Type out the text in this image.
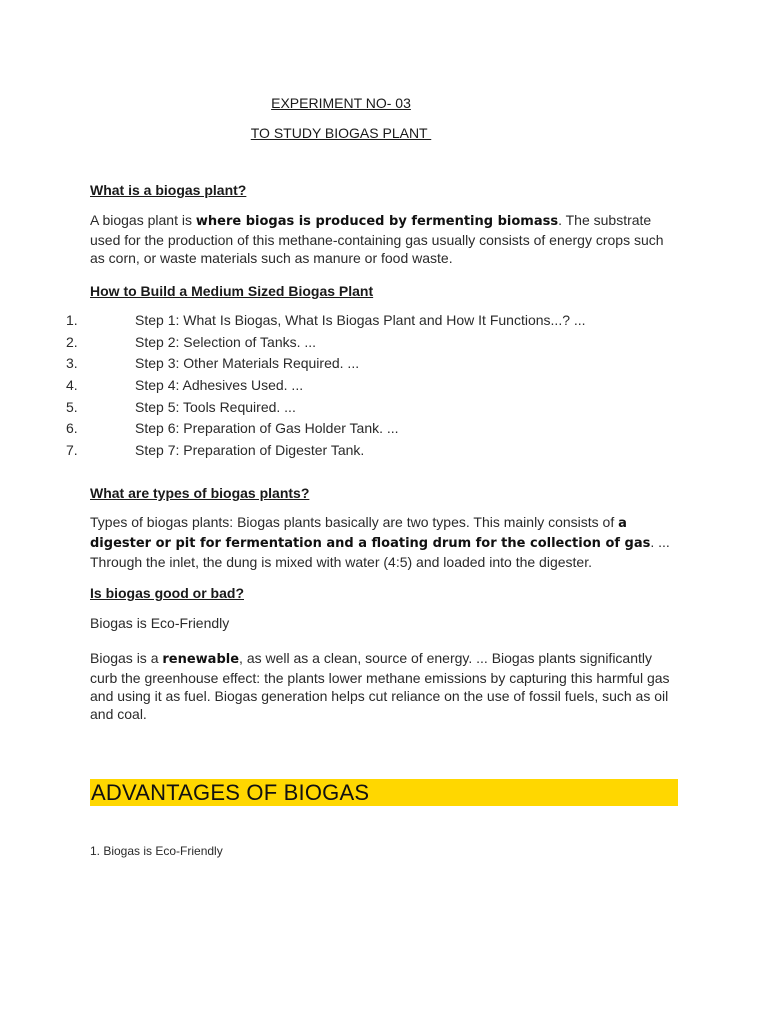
EXPERIMENT NO- 03
TO STUDY BIOGAS PLANT
What is a biogas plant?
A biogas plant is where biogas is produced by fermenting biomass. The substrate used for the production of this methane-containing gas usually consists of energy crops such as corn, or waste materials such as manure or food waste.
How to Build a Medium Sized Biogas Plant
1.	Step 1: What Is Biogas, What Is Biogas Plant and How It Functions...? ...
2.	Step 2: Selection of Tanks. ...
3.	Step 3: Other Materials Required. ...
4.	Step 4: Adhesives Used. ...
5.	Step 5: Tools Required. ...
6.	Step 6: Preparation of Gas Holder Tank. ...
7.	Step 7: Preparation of Digester Tank.
What are types of biogas plants?
Types of biogas plants: Biogas plants basically are two types. This mainly consists of a digester or pit for fermentation and a floating drum for the collection of gas. ... Through the inlet, the dung is mixed with water (4:5) and loaded into the digester.
Is biogas good or bad?
Biogas is Eco-Friendly
Biogas is a renewable, as well as a clean, source of energy. ... Biogas plants significantly curb the greenhouse effect: the plants lower methane emissions by capturing this harmful gas and using it as fuel. Biogas generation helps cut reliance on the use of fossil fuels, such as oil and coal.
ADVANTAGES OF BIOGAS
1. Biogas is Eco-Friendly
